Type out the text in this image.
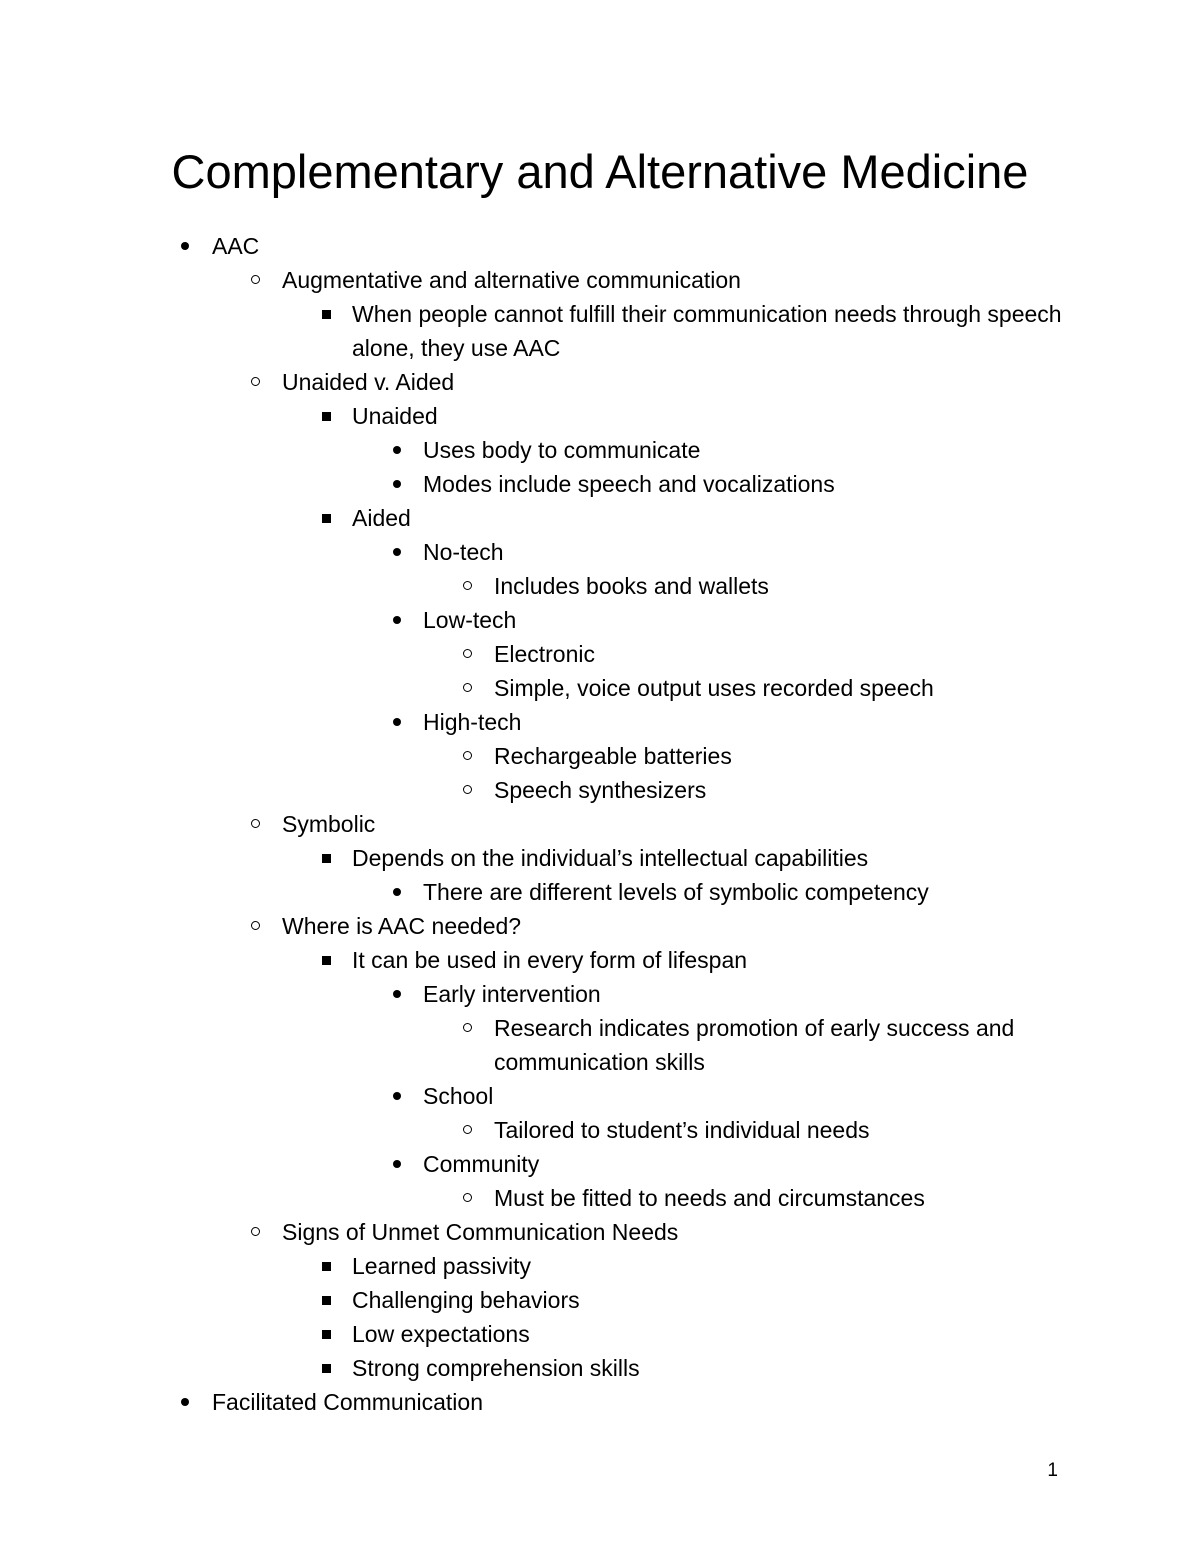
Complementary and Alternative Medicine
AAC
Augmentative and alternative communication
When people cannot fulfill their communication needs through speech alone, they use AAC
Unaided v. Aided
Unaided
Uses body to communicate
Modes include speech and vocalizations
Aided
No-tech
Includes books and wallets
Low-tech
Electronic
Simple, voice output uses recorded speech
High-tech
Rechargeable batteries
Speech synthesizers
Symbolic
Depends on the individual’s intellectual capabilities
There are different levels of symbolic competency
Where is AAC needed?
It can be used in every form of lifespan
Early intervention
Research indicates promotion of early success and communication skills
School
Tailored to student’s individual needs
Community
Must be fitted to needs and circumstances
Signs of Unmet Communication Needs
Learned passivity
Challenging behaviors
Low expectations
Strong comprehension skills
Facilitated Communication
1
